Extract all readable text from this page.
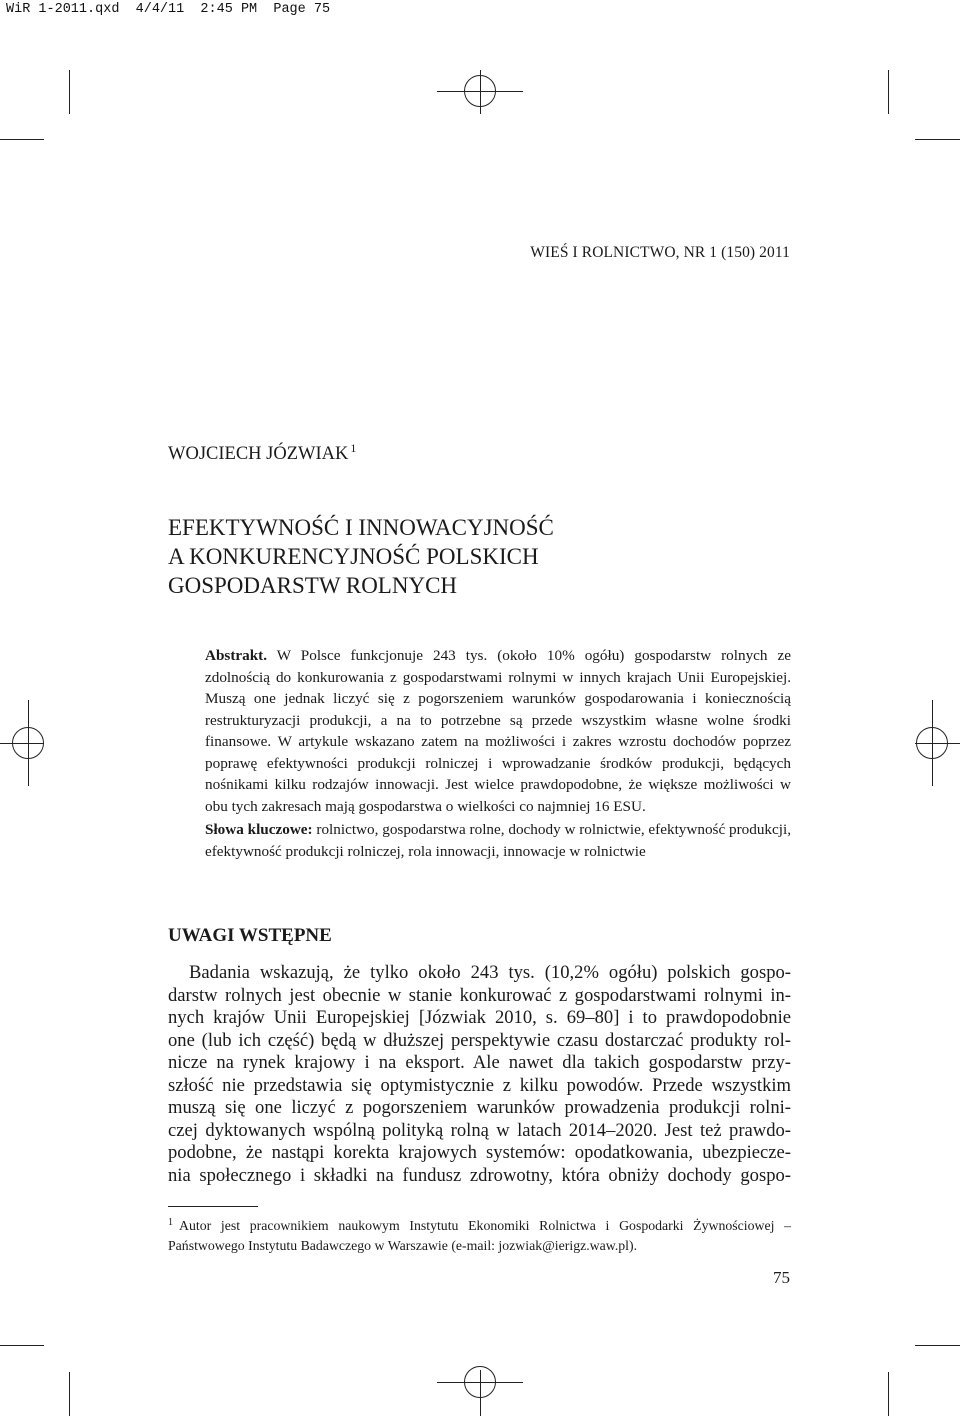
WiR 1-2011.qxd  4/4/11  2:45 PM  Page 75
WIEŚ I ROLNICTWO, NR 1 (150) 2011
WOJCIECH JÓZWIAK $^1$
EFEKTYWNOŚĆ I INNOWACYJNOŚĆ
A KONKURENCYJNOŚĆ POLSKICH
GOSPODARSTW ROLNYCH
Abstrakt. W Polsce funkcjonuje 243 tys. (około 10% ogółu) gospodarstw rolnych ze zdolnością do konkurowania z gospodarstwami rolnymi w innych krajach Unii Europejskiej. Muszą one jednak liczyć się z pogorszeniem warunków gospodarowania i koniecznością restrukturyzacji produkcji, a na to potrzebne są przede wszystkim własne wolne środki finansowe. W artykule wskazano zatem na możliwości i zakres wzrostu dochodów poprzez poprawę efektywności produkcji rolniczej i wprowadzanie środków produkcji, będących nośnikami kilku rodzajów innowacji. Jest wielce prawdopodobne, że większe możliwości w obu tych zakresach mają gospodarstwa o wielkości co najmniej 16 ESU.
Słowa kluczowe: rolnictwo, gospodarstwa rolne, dochody w rolnictwie, efektywność produkcji, efektywność produkcji rolniczej, rola innowacji, innowacje w rolnictwie
UWAGI WSTĘPNE
Badania wskazują, że tylko około 243 tys. (10,2% ogółu) polskich gospo-
darstw rolnych jest obecnie w stanie konkurować z gospodarstwami rolnymi in-
nych krajów Unii Europejskiej [Józwiak 2010, s. 69–80] i to prawdopodobnie
one (lub ich część) będą w dłuższej perspektywie czasu dostarczać produkty rol-
nicze na rynek krajowy i na eksport. Ale nawet dla takich gospodarstw przy-
szłość nie przedstawia się optymistycznie z kilku powodów. Przede wszystkim
muszą się one liczyć z pogorszeniem warunków prowadzenia produkcji rolni-
czej dyktowanych wspólną polityką rolną w latach 2014–2020. Jest też prawdo-
podobne, że nastąpi korekta krajowych systemów: opodatkowania, ubezpiecze-
nia społecznego i składki na fundusz zdrowotny, która obniży dochody gospo-
$^1$ Autor jest pracownikiem naukowym Instytutu Ekonomiki Rolnictwa i Gospodarki Żywnościowej – Państwowego Instytutu Badawczego w Warszawie (e-mail: jozwiak@ierigz.waw.pl).
75
